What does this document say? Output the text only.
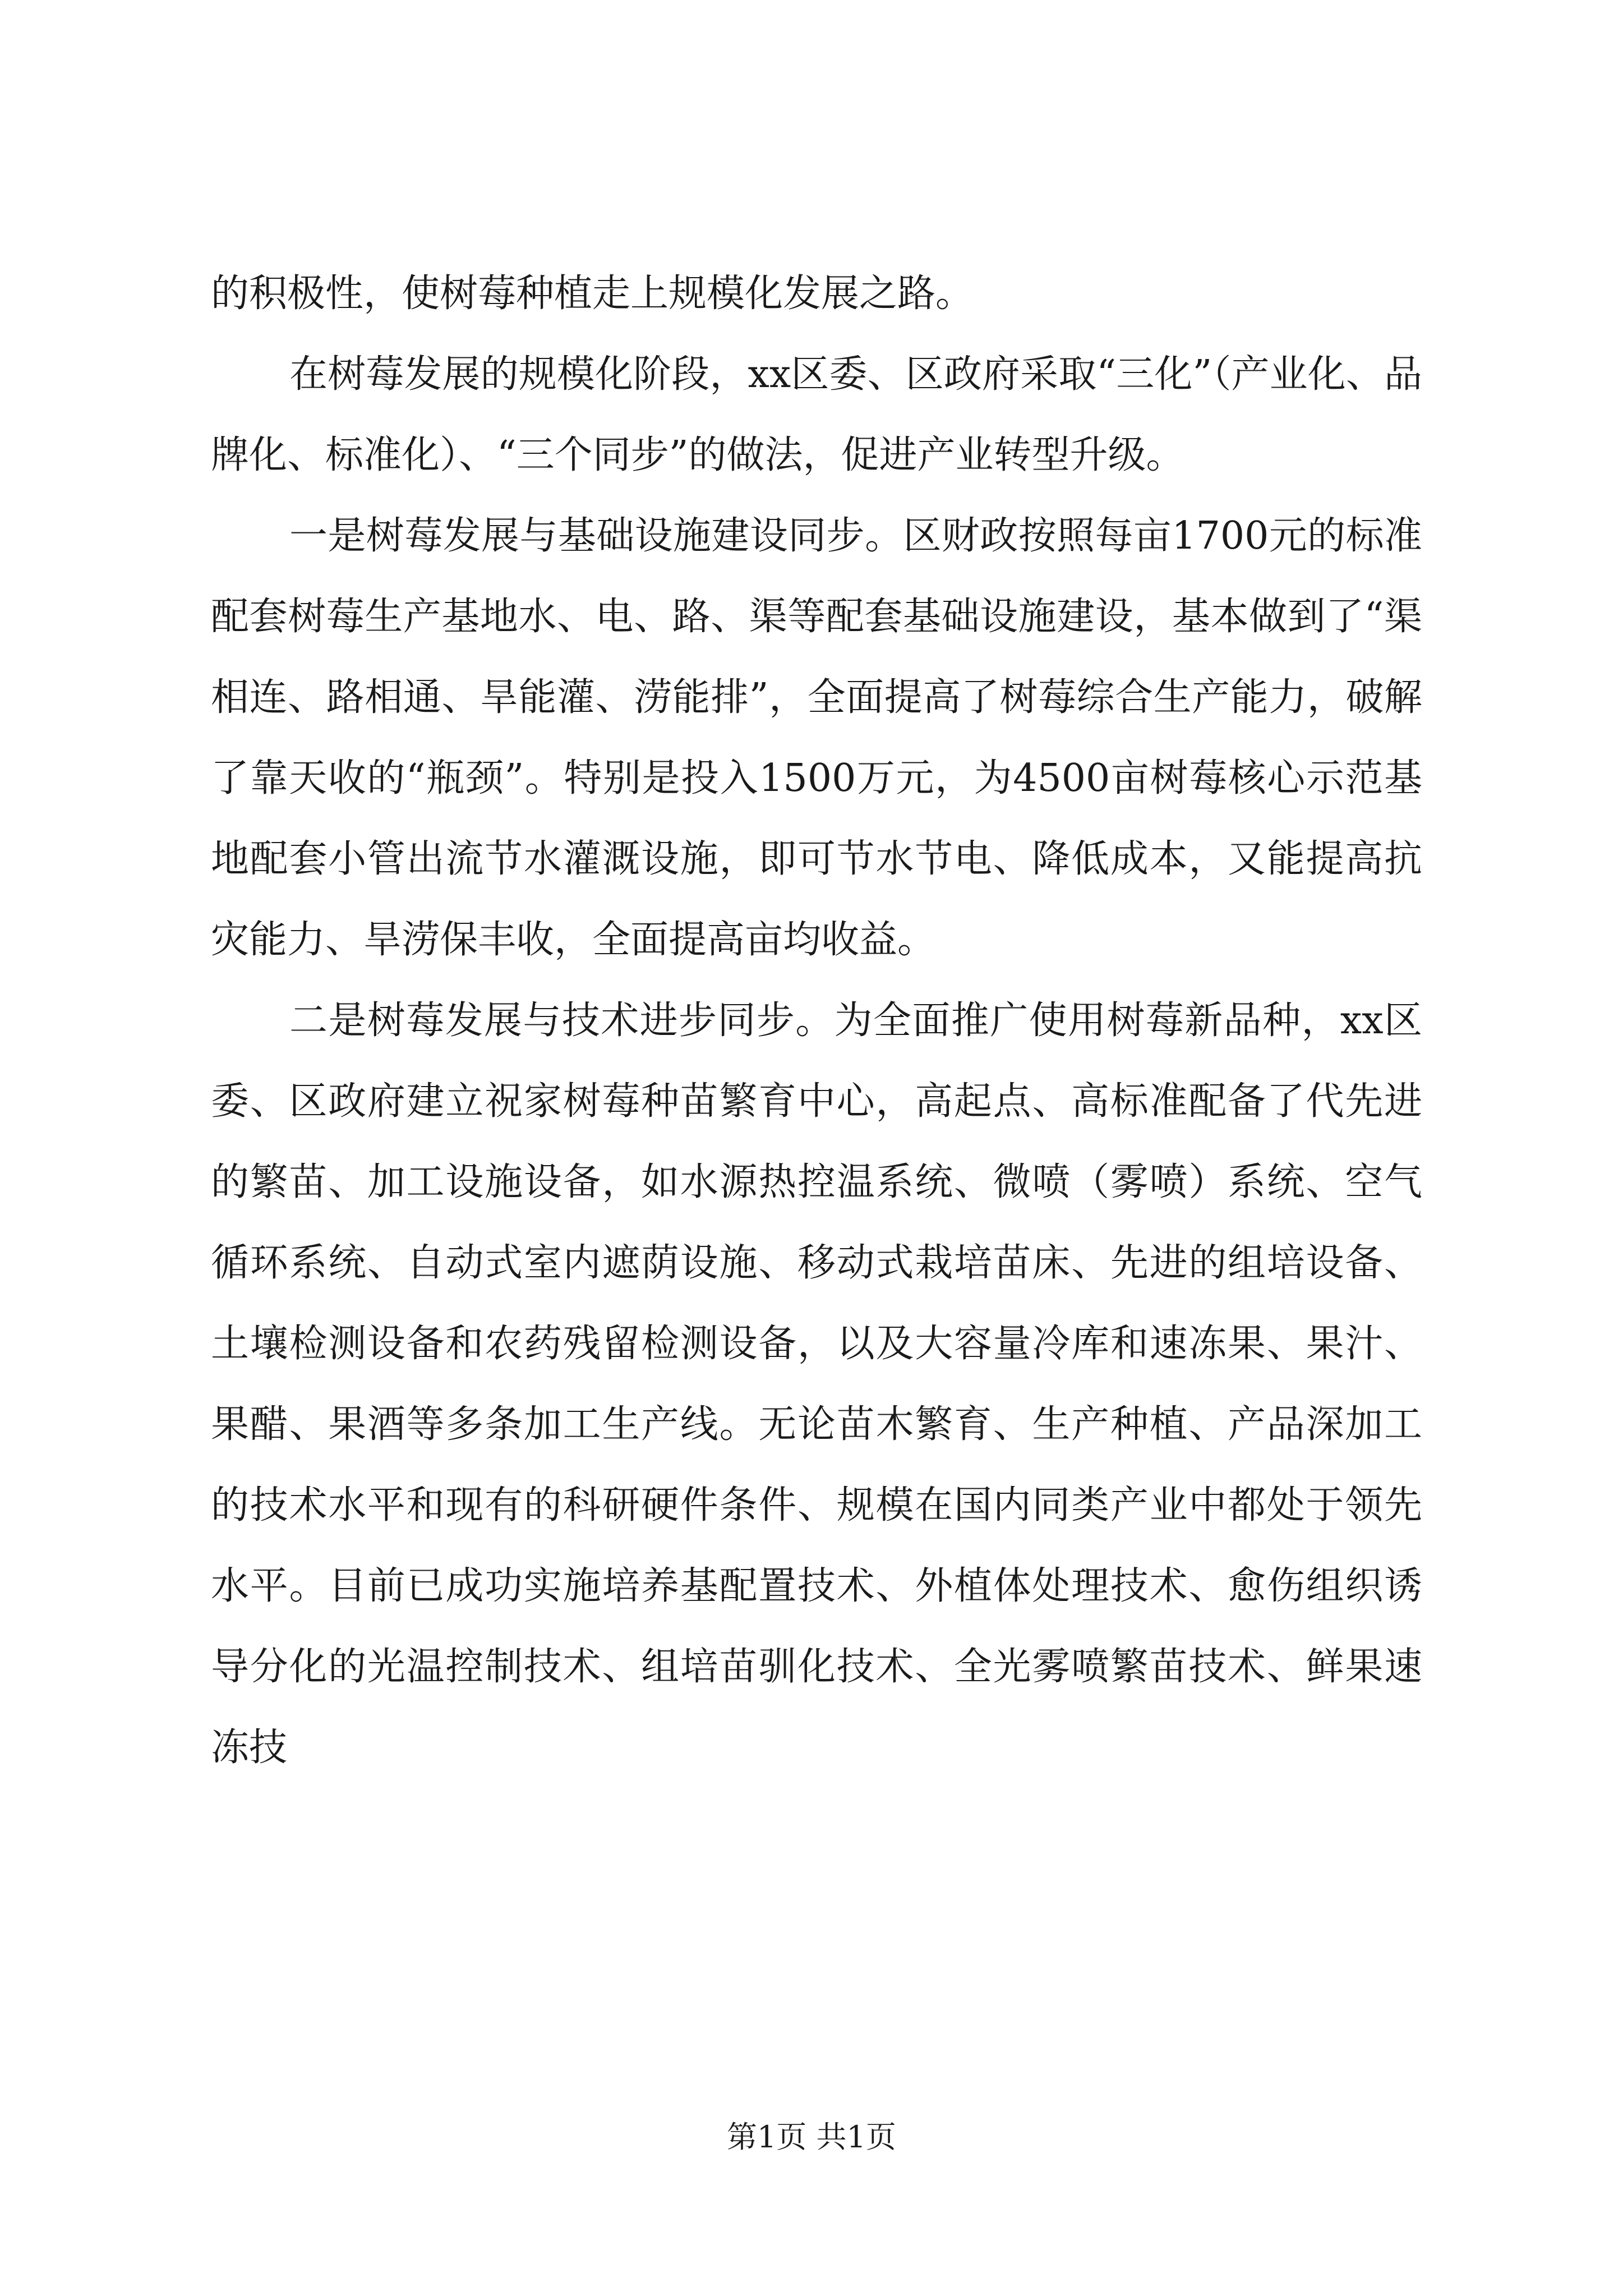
的积极性，使树莓种植走上规模化发展之路。

在树莓发展的规模化阶段，xx区委、区政府采取“三化”（产业化、品牌化、标准化）、“三个同步”的做法，促进产业转型升级。

一是树莓发展与基础设施建设同步。区财政按照每亩1700元的标准配套树莓生产基地水、电、路、渠等配套基础设施建设，基本做到了“渠相连、路相通、旱能灌、涝能排”，全面提高了树莓综合生产能力，破解了靠天收的“瓶颈”。特别是投入1500万元，为4500亩树莓核心示范基地配套小管出流节水灌溉设施，即可节水节电、降低成本，又能提高抗灾能力、旱涝保丰收，全面提高亩均收益。

二是树莓发展与技术进步同步。为全面推广使用树莓新品种，xx区委、区政府建立祝家树莓种苗繁育中心，高起点、高标准配备了代先进的繁苗、加工设施设备，如水源热控温系统、微喷（雾喷）系统、空气循环系统、自动式室内遮荫设施、移动式栽培苗床、先进的组培设备、土壤检测设备和农药残留检测设备，以及大容量冷库和速冻果、果汁、果醋、果酒等多条加工生产线。无论苗木繁育、生产种植、产品深加工的技术水平和现有的科研硬件条件、规模在国内同类产业中都处于领先水平。目前已成功实施培养基配置技术、外植体处理技术、愈伤组织诱导分化的光温控制技术、组培苗驯化技术、全光雾喷繁苗技术、鲜果速冻技

第1页 共1页
